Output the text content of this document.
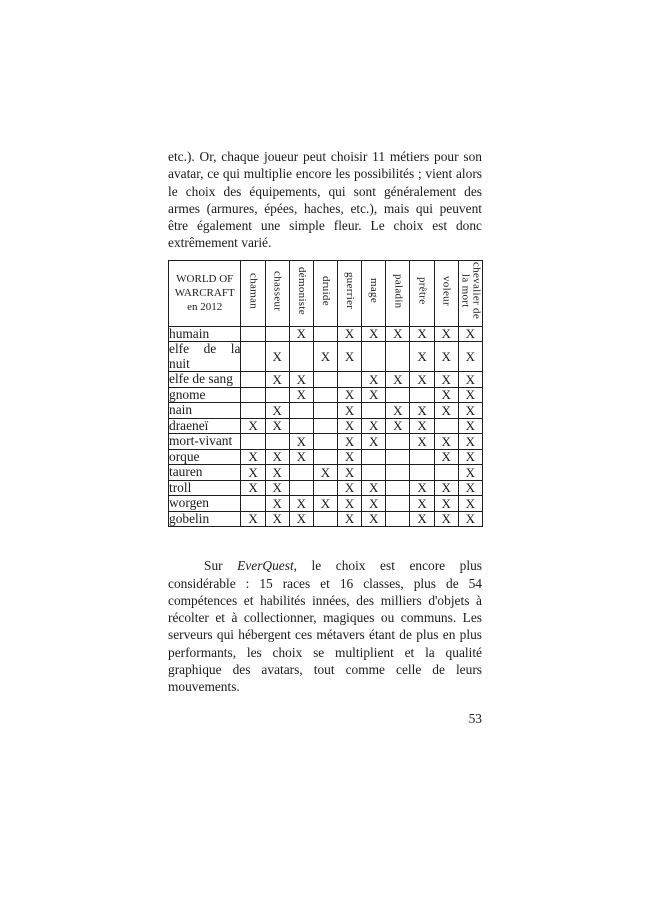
etc.). Or, chaque joueur peut choisir 11 métiers pour son avatar, ce qui multiplie encore les possibilités ; vient alors le choix des équipements, qui sont généralement des armes (armures, épées, haches, etc.), mais qui peuvent être également une simple fleur. Le choix est donc extrêmement varié.

WORLD OF WARCRAFT en 2012	chaman	chasseur	démoniste	druide	guerrier	mage	paladin	prêtre	voleur	chevalier de la mort
humain			X		X	X	X	X	X	X
elfe de la nuit		X		X	X			X	X	X
elfe de sang		X	X			X	X	X	X	X
gnome			X		X	X			X	X
nain		X			X		X	X	X	X
draeneï	X	X			X	X	X	X		X
mort-vivant			X		X	X		X	X	X
orque	X	X	X		X				X	X
tauren	X	X		X	X					X
troll	X	X			X	X		X	X	X
worgen		X	X	X	X	X		X	X	X
gobelin	X	X	X		X	X		X	X	X

Sur EverQuest, le choix est encore plus considérable : 15 races et 16 classes, plus de 54 compétences et habilités innées, des milliers d'objets à récolter et à collectionner, magiques ou communs. Les serveurs qui hébergent ces métavers étant de plus en plus performants, les choix se multiplient et la qualité graphique des avatars, tout comme celle de leurs mouvements.

53
